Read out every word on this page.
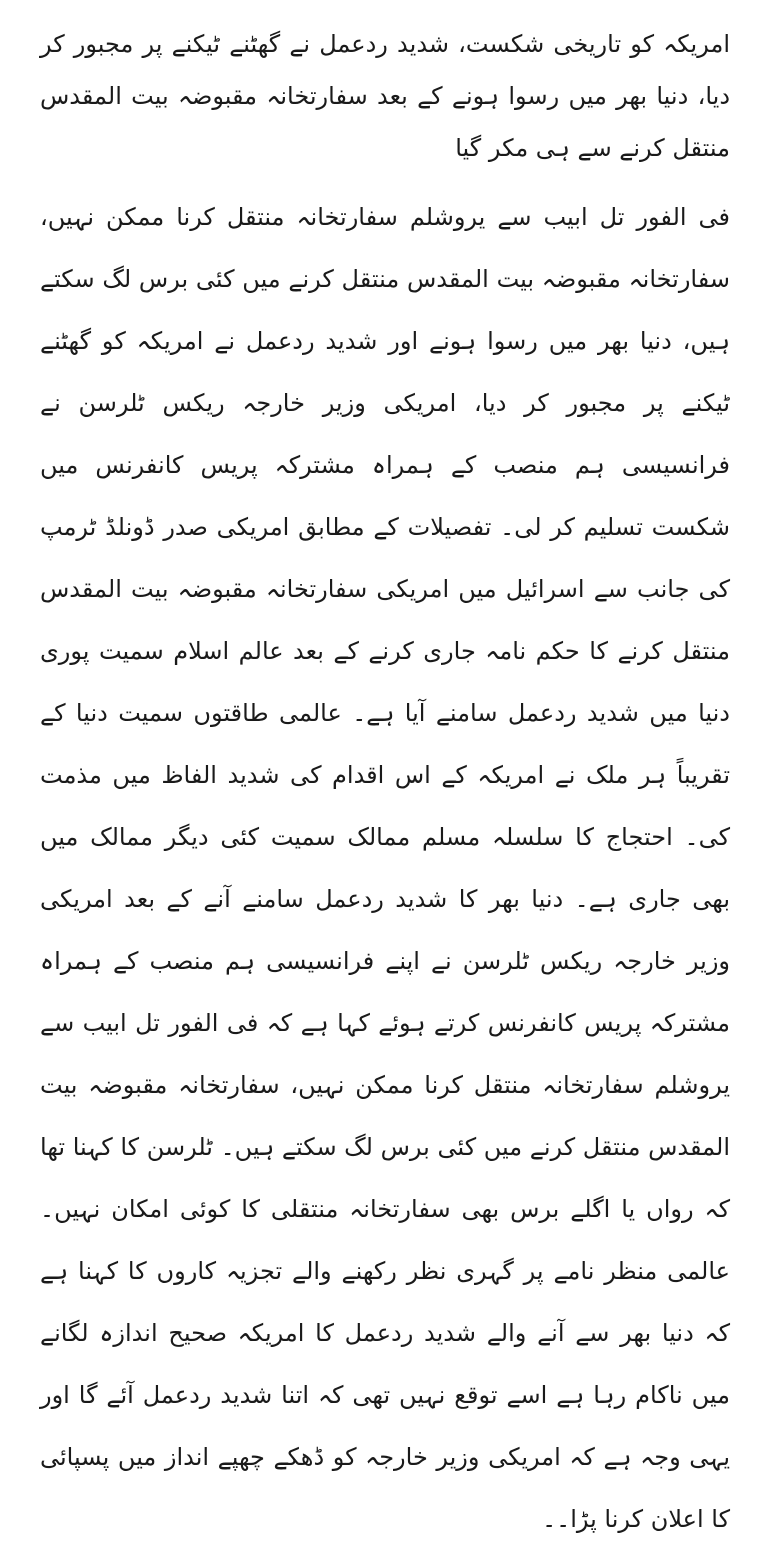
امریکہ کو تاریخی شکست، شدید ردعمل نے گھٹنے ٹیکنے پر مجبور کر دیا، دنیا بھر میں رسوا ہونے کے بعد سفارتخانہ مقبوضہ بیت المقدس منتقل کرنے سے ہی مکر گیا

فی الفور تل ابیب سے یروشلم سفارتخانہ منتقل کرنا ممکن نہیں، سفارتخانہ مقبوضہ بیت المقدس منتقل کرنے میں کئی برس لگ سکتے ہیں، دنیا بھر میں رسوا ہونے اور شدید ردعمل نے امریکہ کو گھٹنے ٹیکنے پر مجبور کر دیا، امریکی وزیر خارجہ ریکس ٹلرسن نے فرانسیسی ہم منصب کے ہمراہ مشترکہ پریس کانفرنس میں شکست تسلیم کر لی۔ تفصیلات کے مطابق امریکی صدر ڈونلڈ ٹرمپ کی جانب سے اسرائیل میں امریکی سفارتخانہ مقبوضہ بیت المقدس منتقل کرنے کا حکم نامہ جاری کرنے کے بعد عالم اسلام سمیت پوری دنیا میں شدید ردعمل سامنے آیا ہے۔ عالمی طاقتوں سمیت دنیا کے تقریباً ہر ملک نے امریکہ کے اس اقدام کی شدید الفاظ میں مذمت کی۔ احتجاج کا سلسلہ مسلم ممالک سمیت کئی دیگر ممالک میں بھی جاری ہے۔ دنیا بھر کا شدید ردعمل سامنے آنے کے بعد امریکی وزیر خارجہ ریکس ٹلرسن نے اپنے فرانسیسی ہم منصب کے ہمراہ مشترکہ پریس کانفرنس کرتے ہوئے کہا ہے کہ فی الفور تل ابیب سے یروشلم سفارتخانہ منتقل کرنا ممکن نہیں، سفارتخانہ مقبوضہ بیت المقدس منتقل کرنے میں کئی برس لگ سکتے ہیں۔ ٹلرسن کا کہنا تھا کہ رواں یا اگلے برس بھی سفارتخانہ منتقلی کا کوئی امکان نہیں۔ عالمی منظر نامے پر گہری نظر رکھنے والے تجزیہ کاروں کا کہنا ہے کہ دنیا بھر سے آنے والے شدید ردعمل کا امریکہ صحیح اندازہ لگانے میں ناکام رہا ہے اسے توقع نہیں تھی کہ اتنا شدید ردعمل آئے گا اور یہی وجہ ہے کہ امریکی وزیر خارجہ کو ڈھکے چھپے انداز میں پسپائی کا اعلان کرنا پڑا۔۔
